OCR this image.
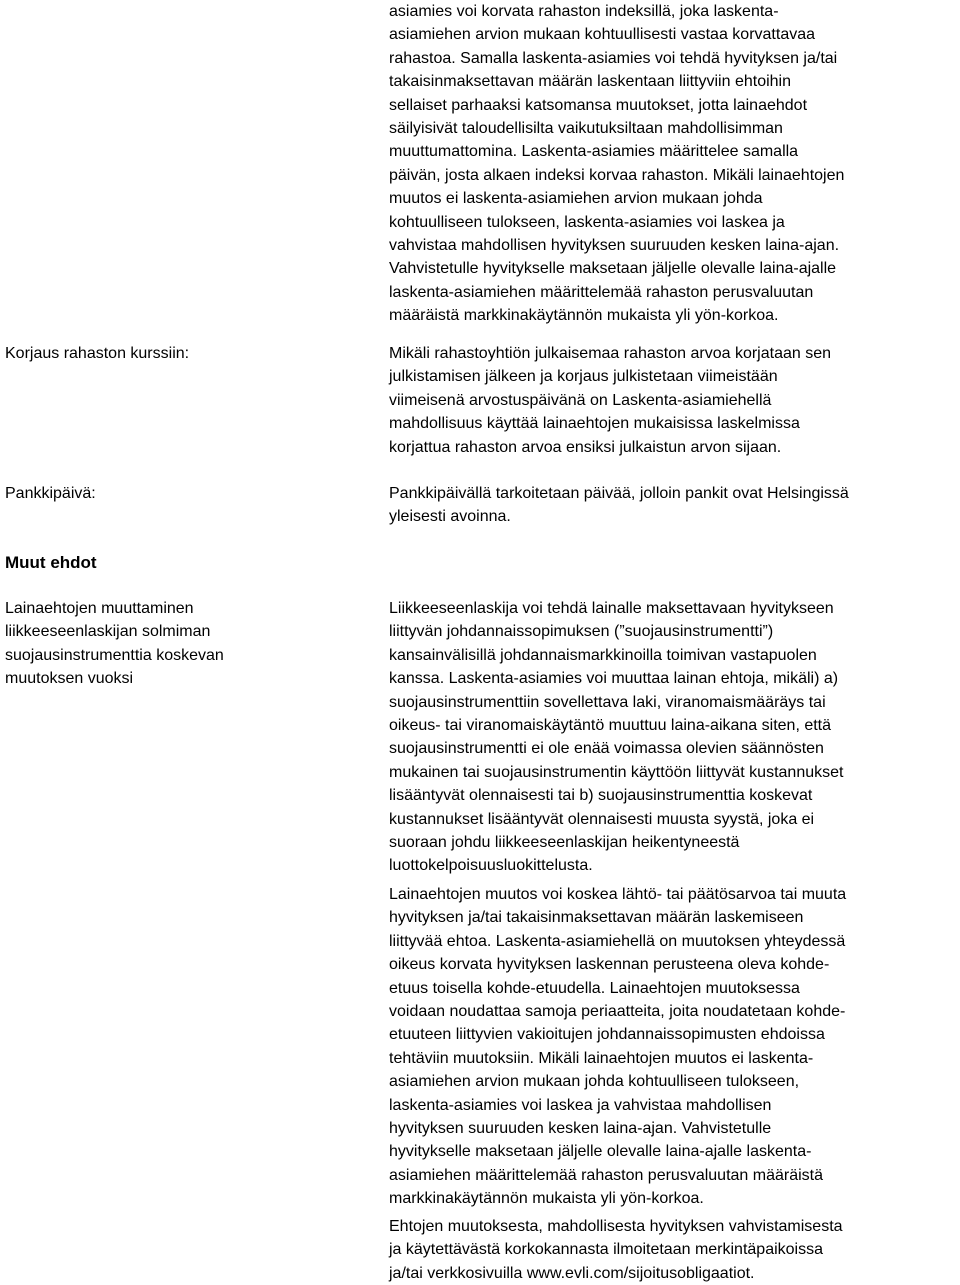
asiamies voi korvata rahaston indeksillä, joka laskenta-
asiamiehen arvion mukaan kohtuullisesti vastaa korvattavaa
rahastoa. Samalla laskenta-asiamies voi tehdä hyvityksen ja/tai
takaisinmaksettavan määrän laskentaan liittyviin ehtoihin
sellaiset parhaaksi katsomansa muutokset, jotta lainaehdot
säilyisivät taloudellisilta vaikutuksiltaan mahdollisimman
muuttumattomina. Laskenta-asiamies määrittelee samalla
päivän, josta alkaen indeksi korvaa rahaston. Mikäli lainaehtojen
muutos ei laskenta-asiamiehen arvion mukaan johda
kohtuulliseen tulokseen, laskenta-asiamies voi laskea ja
vahvistaa mahdollisen hyvityksen suuruuden kesken laina-ajan.
Vahvistetulle hyvitykselle maksetaan jäljelle olevalle laina-ajalle
laskenta-asiamiehen määrittelemää rahaston perusvaluutan
määräistä markkinakäytännön mukaista yli yön-korkoa.

Korjaus rahaston kurssiin:	Mikäli rahastoyhtiön julkaisemaa rahaston arvoa korjataan sen
julkistamisen jälkeen ja korjaus julkistetaan viimeistään
viimeisenä arvostuspäivänä on Laskenta-asiamiehellä
mahdollisuus käyttää lainaehtojen mukaisissa laskelmissa
korjattua rahaston arvoa ensiksi julkaistun arvon sijaan.

Pankkipäivä:	Pankkipäivällä tarkoitetaan päivää, jolloin pankit ovat Helsingissä
yleisesti avoinna.

Muut ehdot

Lainaehtojen muuttaminen
liikkeeseenlaskijan solmiman
suojausinstrumenttia koskevan
muutoksen vuoksi

Liikkeeseenlaskija voi tehdä lainalle maksettavaan hyvitykseen
liittyvän johdannaissopimuksen (”suojausinstrumentti”)
kansainvälisillä johdannaismarkkinoilla toimivan vastapuolen
kanssa. Laskenta-asiamies voi muuttaa lainan ehtoja, mikäli) a)
suojausinstrumenttiin sovellettava laki, viranomaismääräys tai
oikeus- tai viranomaiskäytäntö muuttuu laina-aikana siten, että
suojausinstrumentti ei ole enää voimassa olevien säännösten
mukainen tai suojausinstrumentin käyttöön liittyvät kustannukset
lisääntyvät olennaisesti tai b) suojausinstrumenttia koskevat
kustannukset lisääntyvät olennaisesti muusta syystä, joka ei
suoraan johdu liikkeeseenlaskijan heikentyneestä
luottokelpoisuusluokittelusta.

Lainaehtojen muutos voi koskea lähtö- tai päätösarvoa tai muuta
hyvityksen ja/tai takaisinmaksettavan määrän laskemiseen
liittyvää ehtoa. Laskenta-asiamiehellä on muutoksen yhteydessä
oikeus korvata hyvityksen laskennan perusteena oleva kohde-
etuus toisella kohde-etuudella. Lainaehtojen muutoksessa
voidaan noudattaa samoja periaatteita, joita noudatetaan kohde-
etuuteen liittyvien vakioitujen johdannaissopimusten ehdoissa
tehtäviin muutoksiin. Mikäli lainaehtojen muutos ei laskenta-
asiamiehen arvion mukaan johda kohtuulliseen tulokseen,
laskenta-asiamies voi laskea ja vahvistaa mahdollisen
hyvityksen suuruuden kesken laina-ajan. Vahvistetulle
hyvitykselle maksetaan jäljelle olevalle laina-ajalle laskenta-
asiamiehen määrittelemää rahaston perusvaluutan määräistä
markkinakäytännön mukaista yli yön-korkoa.

Ehtojen muutoksesta, mahdollisesta hyvityksen vahvistamisesta
ja käytettävästä korkokannasta ilmoitetaan merkintäpaikoissa
ja/tai verkkosivuilla www.evli.com/sijoitusobligaatiot.
